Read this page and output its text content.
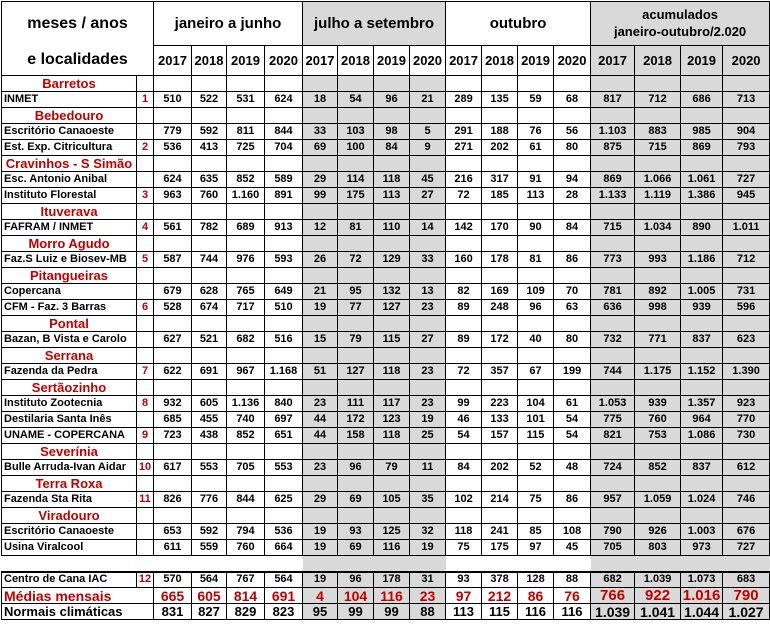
meses / anos		janeiro a junho				julho a setembro				outubro				acumulados
janeiro-outubro/2.020			
e localidades		2017	2018	2019	2020	2017	2018	2019	2020	2017	2018	2019	2020	2017	2018	2019	2020
Barretos																	
INMET	1	510	522	531	624	18	54	96	21	289	135	59	68	817	712	686	713
Bebedouro																	
Escritório Canaoeste		779	592	811	844	33	103	98	5	291	188	76	56	1.103	883	985	904
Est. Exp. Citricultura	2	536	413	725	704	69	100	84	9	271	202	61	80	875	715	869	793
Cravinhos - S Simão																	
Esc. Antonio Anibal		624	635	852	589	29	114	118	45	216	317	91	94	869	1.066	1.061	727
Instituto Florestal	3	963	760	1.160	891	99	175	113	27	72	185	113	28	1.133	1.119	1.386	945
Ituverava																	
FAFRAM / INMET	4	561	782	689	913	12	81	110	14	142	170	90	84	715	1.034	890	1.011
Morro Agudo																	
Faz.S Luiz e Biosev-MB	5	587	744	976	593	26	72	129	33	160	178	81	86	773	993	1.186	712
Pitangueiras																	
Copercana		679	628	765	649	21	95	132	13	82	169	109	70	781	892	1.005	731
CFM - Faz. 3 Barras	6	528	674	717	510	19	77	127	23	89	248	96	63	636	998	939	596
Pontal																	
Bazan, B Vista e Carolo		627	521	682	516	15	79	115	27	89	172	40	80	732	771	837	623
Serrana																	
Fazenda da Pedra	7	622	691	967	1.168	51	127	118	23	72	357	67	199	744	1.175	1.152	1.390
Sertãozinho																	
Instituto Zootecnia	8	932	605	1.136	840	23	111	117	23	99	223	104	61	1.053	939	1.357	923
Destilaria Santa Inês		685	455	740	697	44	172	123	19	46	133	101	54	775	760	964	770
UNAME - COPERCANA	9	723	438	852	651	44	158	118	25	54	157	115	54	821	753	1.086	730
Severínia																	
Bulle Arruda-Ivan Aidar	10	617	553	705	553	23	96	79	11	84	202	52	48	724	852	837	612
Terra Roxa																	
Fazenda Sta Rita	11	826	776	844	625	29	69	105	35	102	214	75	86	957	1.059	1.024	746
Viradouro																	
Escritório Canaoeste		653	592	794	536	19	93	125	32	118	241	85	108	790	926	1.003	676
Usina Viralcool		611	559	760	664	19	69	116	19	75	175	97	45	705	803	973	727

Centro de Cana IAC	12	570	564	767	564	19	96	178	31	93	378	128	88	682	1.039	1.073	683
Médias mensais		665	605	814	691	4	104	116	23	97	212	86	76	766	922	1.016	790
Normais climáticas		831	827	829	823	95	99	99	88	113	115	116	116	1.039	1.041	1.044	1.027
